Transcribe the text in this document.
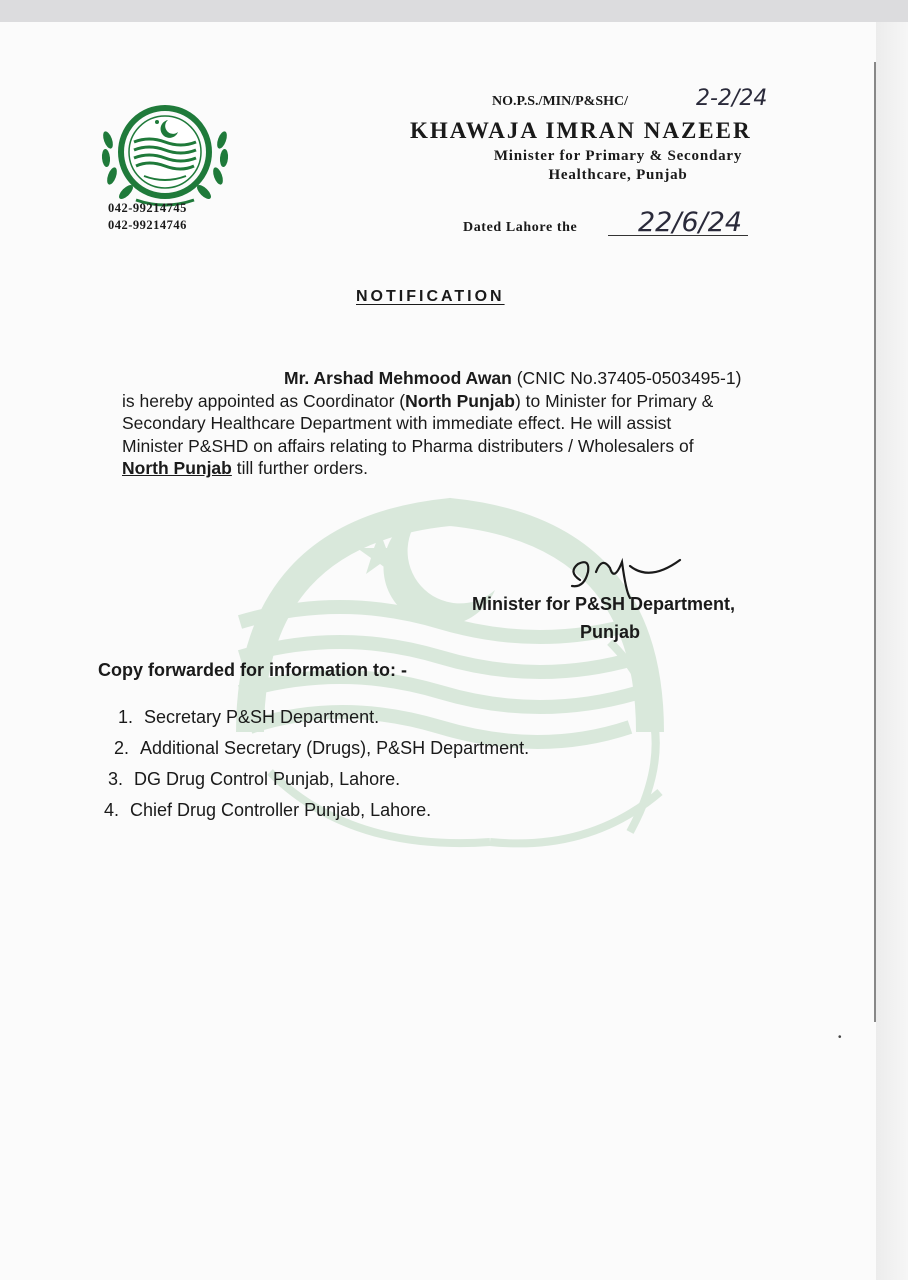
042-99214745
042-99214746
NO.P.S./MIN/P&SHC/	2-2/24
KHAWAJA IMRAN NAZEER
Minister for Primary & Secondary
Healthcare, Punjab
Dated Lahore the 22/6/24
NOTIFICATION

Mr. Arshad Mehmood Awan (CNIC No.37405-0503495-1)

is hereby appointed as Coordinator (North Punjab) to Minister for Primary &

Secondary Healthcare Department with immediate effect. He will assist

Minister P&SHD on affairs relating to Pharma distributers / Wholesalers of

North Punjab till further orders.

Minister for P&SH Department,
Punjab
Copy forwarded for information to: -
1. Secretary P&SH Department.
2. Additional Secretary (Drugs), P&SH Department.
3. DG Drug Control Punjab, Lahore.
4. Chief Drug Controller Punjab, Lahore.
•
